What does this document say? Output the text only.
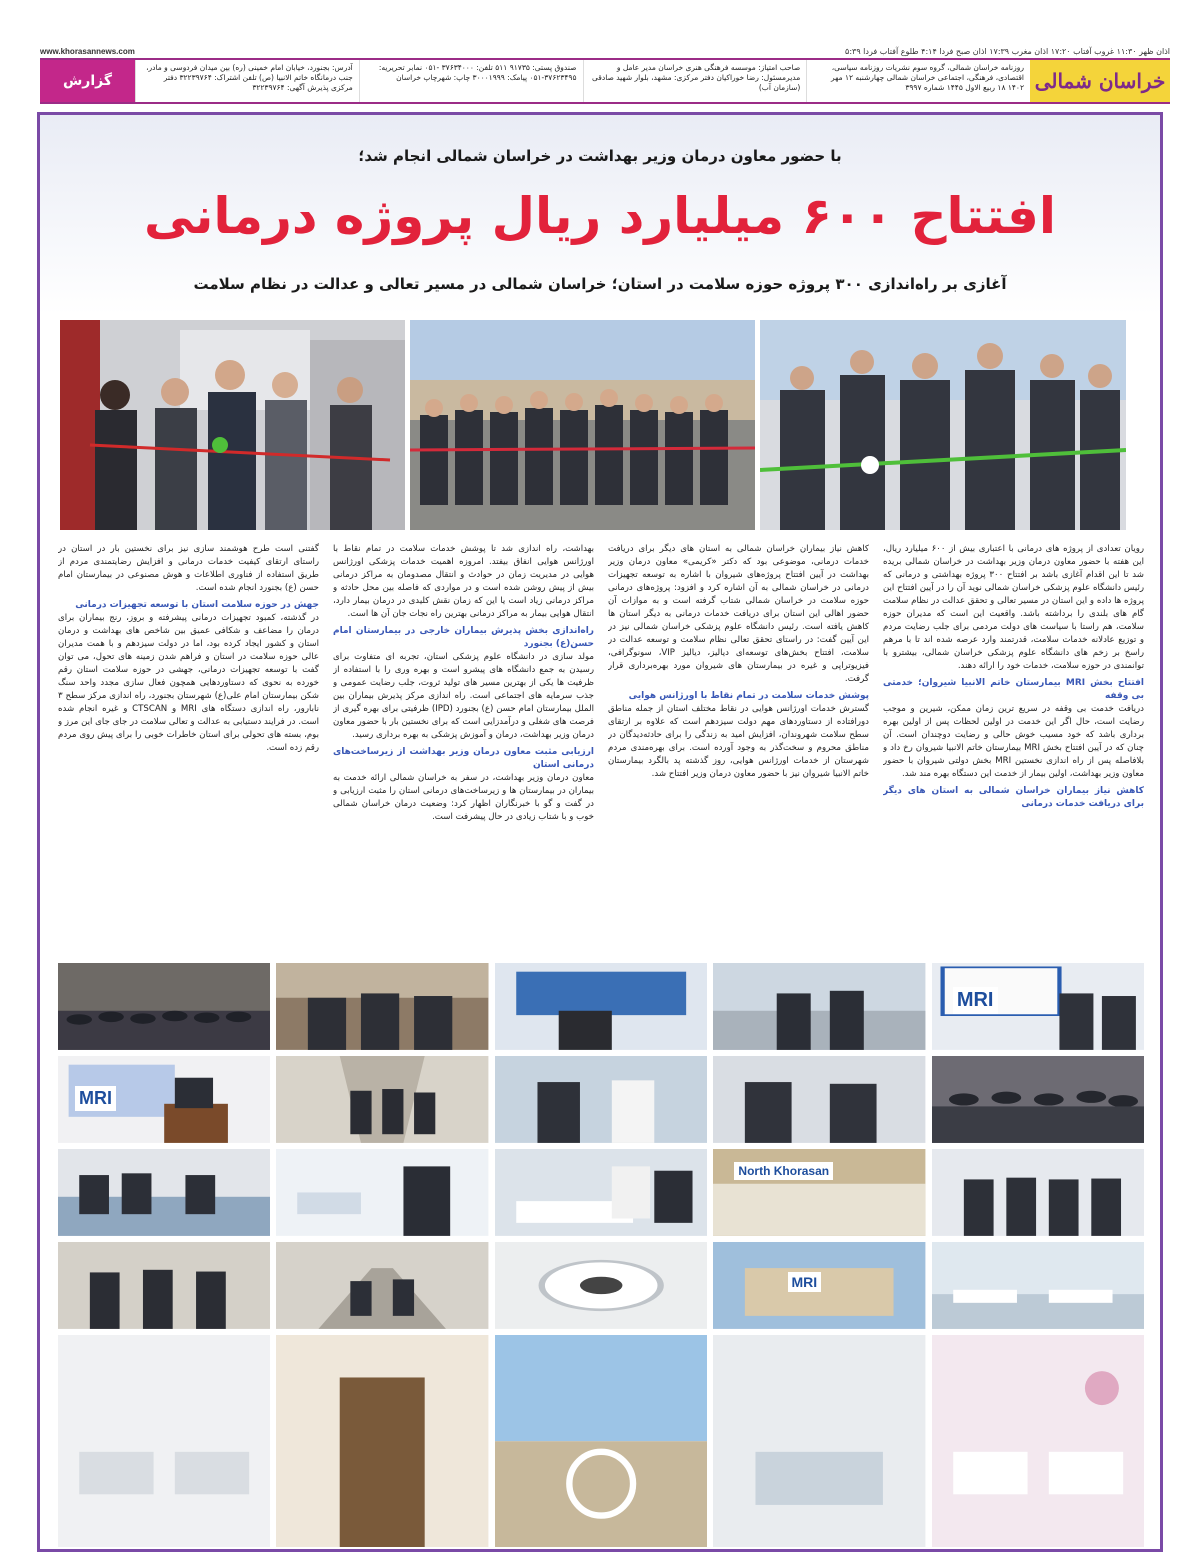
اذان ظهر ۱۱:۳۰ غروب آفتاب ۱۷:۲۰ اذان مغرب ۱۷:۳۹ اذان صبح فردا ۴:۱۴ طلوع آفتاب فردا ۵:۳۹
www.khorasannews.com
خراسان شمالی
روزنامه خراسان شمالی، گروه سوم نشریات روزنامه سیاسی، اقتصادی، فرهنگی، اجتماعی خراسان شمالی چهارشنبه ۱۲ مهر ۱۴۰۲ ۱۸ ربیع الاول ۱۴۴۵ شماره ۳۹۹۷
صاحب امتیاز: موسسه فرهنگی هنری خراسان مدیر عامل و مدیرمسئول: رضا خوراکیان دفتر مرکزی: مشهد، بلوار شهید صادقی (سازمان آب)
صندوق پستی: ۹۱۷۳۵ ۵۱۱ تلفن: ۳۷۶۳۴۰۰۰ -۰۵۱ نمابر تحریریه: ۳۷۶۲۳۴۹۵-۰۵۱ پیامک: ۳۰۰۰۱۹۹۹ چاپ: شهرچاپ خراسان
آدرس: بجنورد، خیابان امام خمینی (ره) بین میدان فردوسی و مادر، جنب درمانگاه خاتم الانبیا (ص) تلفن اشتراک: ۳۲۲۳۹۷۶۴ دفتر مرکزی پذیرش آگهی: ۳۲۲۳۹۷۶۴
گزارش
با حضور معاون درمان وزیر بهداشت در خراسان شمالی انجام شد؛
افتتاح ۶۰۰ میلیارد ریال پروژه درمانی
آغازی بر راه‌اندازی ۳۰۰ پروژه حوزه سلامت در استان؛ خراسان شمالی در مسیر تعالی و عدالت در نظام سلامت

رویان تعدادی از پروژه های درمانی با اعتباری بیش از ۶۰۰ میلیارد ریال، این هفته با حضور معاون درمان وزیر بهداشت در خراسان شمالی بریده شد تا این اقدام آغازی باشد بر افتتاح ۳۰۰ پروژه بهداشتی و درمانی که رئیس دانشگاه علوم پزشکی خراسان شمالی نوید آن را در آیین افتتاح این پروژه ها داده و این استان در مسیر تعالی و تحقق عدالت در نظام سلامت گام های بلندی را برداشته باشد. واقعیت این است که مدیران حوزه سلامت، هم راستا با سیاست های دولت مردمی برای جلب رضایت مردم و توزیع عادلانه خدمات سلامت، قدرتمند وارد عرصه شده اند تا با مرهم راسخ بر زخم های دانشگاه علوم پزشکی خراسان شمالی، بیشترو با توانمندی در حوزه سلامت، خدمات خود را ارائه دهند.

افتتاح بخش MRI بیمارستان خاتم الانبیا شیروان؛ خدمتی بی وقفه

دریافت خدمت بی وقفه در سریع ترین زمان ممکن، شیرین و موجب رضایت است، حال اگر این خدمت در اولین لحظات پس از اولین بهره برداری باشد که خود مسیب خوش حالی و رضایت دوچندان است. آن چنان که در آیین افتتاح بخش MRI بیمارستان خاتم الانبیا شیروان رخ داد و بلافاصله پس از راه اندازی نخستین MRI بخش دولتی شیروان با حضور معاون وزیر بهداشت، اولین بیمار از خدمت این دستگاه بهره مند شد.

کاهش نیاز بیماران خراسان شمالی به استان های دیگر برای دریافت خدمات درمانی

کاهش نیاز بیماران خراسان شمالی به استان های دیگر برای دریافت خدمات درمانی، موضوعی بود که دکتر «کریمی» معاون درمان وزیر بهداشت در آیین افتتاح پروژه‌های شیروان با اشاره به توسعه تجهیزات درمانی در خراسان شمالی به آن اشاره کرد و افزود: پروژه‌های درمانی حوزه سلامت در خراسان شمالی شتاب گرفته است و به موازات آن حضور اهالی این استان برای دریافت خدمات درمانی به دیگر استان ها کاهش یافته است. رئیس دانشگاه علوم پزشکی خراسان شمالی نیز در این آیین گفت: در راستای تحقق تعالی نظام سلامت و توسعه عدالت در سلامت، افتتاح بخش‌های توسعه‌ای دیالیز، دیالیز VIP، سونوگرافی، فیزیوتراپی و غیره در بیمارستان های شیروان مورد بهره‌برداری قرار گرفت.

پوشش خدمات سلامت در تمام نقاط با اورژانس هوایی

گسترش خدمات اورژانس هوایی در نقاط مختلف استان از جمله مناطق دورافتاده از دستاوردهای مهم دولت سیزدهم است که علاوه بر ارتقای سطح سلامت شهروندان، افزایش امید به زندگی را برای حادثه‌دیدگان در مناطق محروم و سخت‌گذر به وجود آورده است. برای بهره‌مندی مردم شهرستان از خدمات اورژانس هوایی، روز گذشته پد بالگرد بیمارستان خاتم الانبیا شیروان نیز با حضور معاون درمان وزیر افتتاح شد.

بهداشت، راه اندازی شد تا پوشش خدمات سلامت در تمام نقاط با اورژانس هوایی انفاق بیفتد. امروزه اهمیت خدمات پزشکی اورژانس هوایی در مدیریت زمان در حوادث و انتقال مصدومان به مراکز درمانی بیش از پیش روشن شده است و در مواردی که فاصله بین محل حادثه و مراکز درمانی زیاد است یا این که زمان نقش کلیدی در درمان بیمار دارد، انتقال هوایی بیمار به مراکز درمانی بهترین راه نجات جان آن ها است.

راه‌اندازی بخش پذیرش بیماران خارجی در بیمارستان امام حسن(ع) بجنورد

مولد سازی در دانشگاه علوم پزشکی استان، تجربه ای متفاوت برای رسیدن به جمع دانشگاه های پیشرو است و بهره وری را با استفاده از ظرفیت ها یکی از بهترین مسیر های تولید ثروت، جلب رضایت عمومی و جذب سرمایه های اجتماعی است. راه اندازی مرکز پذیرش بیماران بین الملل بیمارستان امام حسن (ع) بجنورد (IPD) ظرفیتی برای بهره گیری از فرصت های شغلی و درآمدزایی است که برای نخستین بار با حضور معاون درمان وزیر بهداشت، درمان و آموزش پزشکی به بهره برداری رسید.

ارزیابی مثبت معاون درمان وزیر بهداشت از زیرساخت‌های درمانی استان

معاون درمان وزیر بهداشت، در سفر به خراسان شمالی ارائه خدمت به بیماران در بیمارستان ها و زیرساخت‌های درمانی استان را مثبت ارزیابی و در گفت و گو با خبرنگاران اظهار کرد: وضعیت درمان خراسان شمالی خوب و با شتاب زیادی در حال پیشرفت است.

گفتنی است طرح هوشمند سازی نیز برای نخستین بار در استان در راستای ارتقای کیفیت خدمات درمانی و افزایش رضایتمندی مردم از طریق استفاده از فناوری اطلاعات و هوش مصنوعی در بیمارستان امام حسن (ع) بجنورد انجام شده است.

جهش در حوزه سلامت استان با توسعه تجهیزات درمانی

در گذشته، کمبود تجهیزات درمانی پیشرفته و بروز، رنج بیماران برای درمان را مضاعف و شکافی عمیق بین شاخص های بهداشت و درمان استان و کشور ایجاد کرده بود، اما در دولت سیزدهم و با همت مدیران عالی حوزه سلامت در استان و فراهم شدن زمینه های تحول، می توان گفت با توسعه تجهیزات درمانی، جهشی در حوزه سلامت استان رقم خورده به نحوی که دستاوردهایی همچون فعال سازی مجدد واحد سنگ شکن بیمارستان امام علی(ع) شهرستان بجنورد، راه اندازی مرکز سطح ۳ نابارور، راه اندازی دستگاه های MRI و CTSCAN و غیره انجام شده است. در فرایند دستیابی به عدالت و تعالی سلامت در جای جای این مرز و بوم، بسته های تحولی برای استان خاطرات خوبی را برای پیش روی مردم رقم زده است.

MRI
MRI
North Khorasan
MRI
